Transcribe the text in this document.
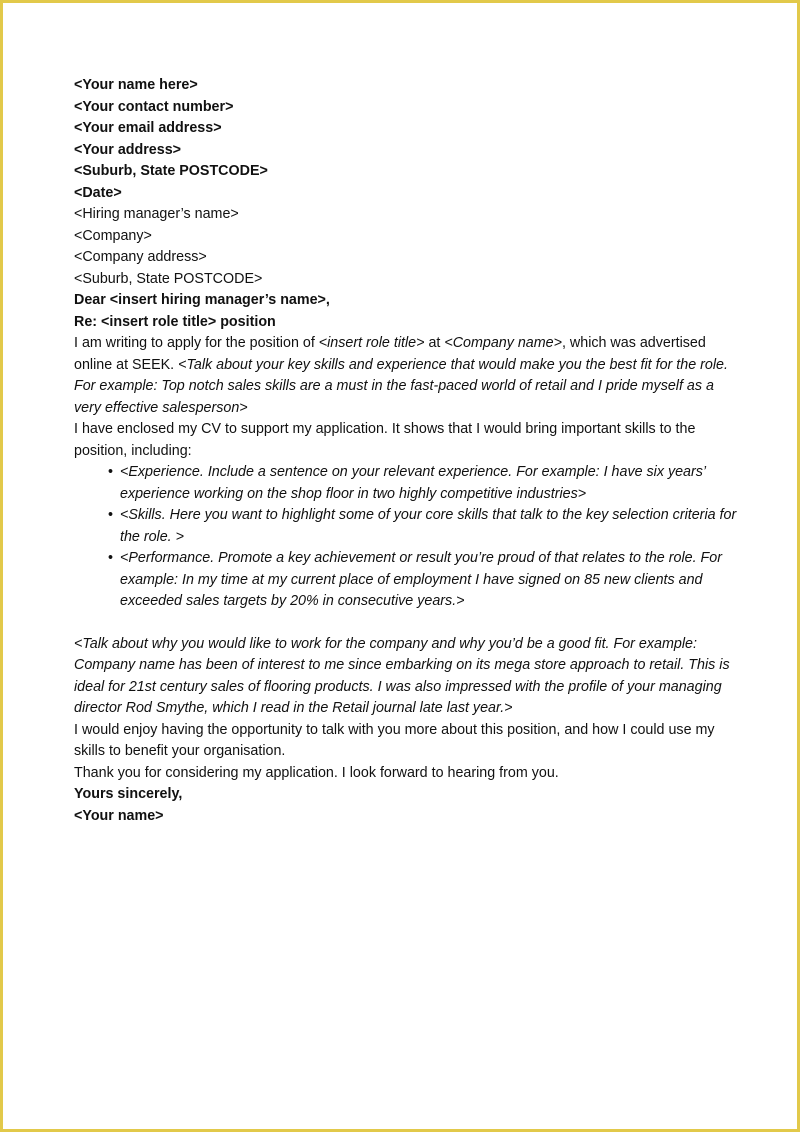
<Your name here>
<Your contact number>
<Your email address>
<Your address>
<Suburb, State POSTCODE>
<Date>
<Hiring manager’s name>
<Company>
<Company address>
<Suburb, State POSTCODE>
Dear <insert hiring manager’s name>,
Re: <insert role title> position

I am writing to apply for the position of <insert role title> at <Company name>, which was advertised online at SEEK. <Talk about your key skills and experience that would make you the best fit for the role. For example: Top notch sales skills are a must in the fast-paced world of retail and I pride myself as a very effective salesperson>

I have enclosed my CV to support my application. It shows that I would bring important skills to the position, including:

• <Experience. Include a sentence on your relevant experience. For example: I have six years’ experience working on the shop floor in two highly competitive industries>
• <Skills. Here you want to highlight some of your core skills that talk to the key selection criteria for the role. >
• <Performance. Promote a key achievement or result you’re proud of that relates to the role. For example: In my time at my current place of employment I have signed on 85 new clients and exceeded sales targets by 20% in consecutive years.>

<Talk about why you would like to work for the company and why you’d be a good fit. For example: Company name has been of interest to me since embarking on its mega store approach to retail. This is ideal for 21st century sales of flooring products. I was also impressed with the profile of your managing director Rod Smythe, which I read in the Retail journal late last year.>

I would enjoy having the opportunity to talk with you more about this position, and how I could use my skills to benefit your organisation.

Thank you for considering my application. I look forward to hearing from you.

Yours sincerely,
<Your name>
